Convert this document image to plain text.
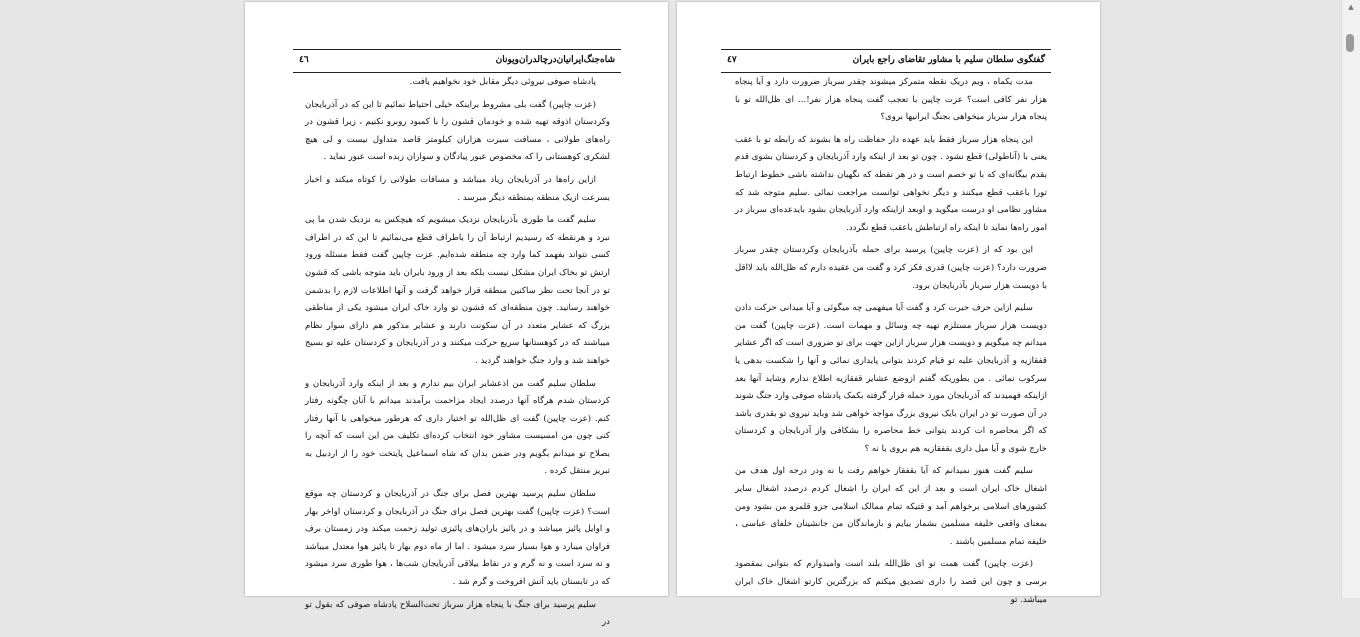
شاه‌جنگ‌ایرانیان‌درچالدران‌ویونان
٤٦

پادشاه صوفی نیروئی دیگر مقابل خود نخواهیم یافت.

(عزت چاپین) گفت بلی مشروط براینکه خیلی احتیاط نمائیم تا این که در آذربایجان وکردستان اذوقه‌ تهیه شده و خودمان قشون را با کمبود روبرو نکنیم ، زیرا قشون در راه‌های طولانی ، مسافت سیرت هزاران کیلومتر قاصد متداول نیست و لی هیچ لشکری کوهستانی را که مخصوص عبور پیادگان و سواران زبده است عبور نماید .

ازاین راه‌ها در آذربایجان زیاد میباشد و مسافات طولانی را کوتاه میکند و اخبار بسرعت ازیک منطقه بمنطقه دیگر میرسد .

سلیم گفت ما طوری بآذربایجان نزدیک میشویم که هیچکس به نزدیک شدن ما پی نبرد و هرنقطه که رسیدیم ارتباط آن را باطراف قطع می‌نمائیم تا این که در اطراف کسی نتواند بفهمد کما وارد چه منطقه شده‌ایم. عزت چاپین گفت فقط مسئله ورود ارتش تو بخاک ایران مشکل نیست بلکه بعد از ورود بایران باید متوجه باشی که قشون تو در آنجا تحت نظر ساکنین منطقه قرار خواهد گرفت و آنها اطلاعات لازم را بدشمن خواهند رسانید. چون منطقه‌ای که قشون تو وارد خاک ایران میشود یکی از مناطقی بزرگ که عشایر متعدد در آن سکونت دارند و عشایر مذکور هم دارای سوار نظام میباشند که در کوهستانها سریع حرکت میکنند و در آذربایجان و کردستان علیه تو بسیج خواهند شد و وارد جنگ خواهند گردید .

سلطان سلیم گفت من اذعشایر ایران بیم ندارم و بعد از اینکه وارد آذربایجان و کردستان شدم هرگاه آنها درصدد ایجاد مزاحمت برآمدند میدانم با آنان چگونه رفتار کنم. (عزت چاپین) گفت ای ظل‌الله تو اختیار داری که هرطور میخواهی با آنها رفتار کنی چون من امسیست مشاور خود انتخاب کرده‌ای تکلیف من این است که آنچه را بصلاح تو میدانم بگویم ودر ضمن بدان که شاه اسماعیل پایتخت خود را از اردبیل به تبریز منتقل کرده .

سلطان سلیم پرسید بهترین فصل برای جنگ در آذربایجان و کردستان چه موقع است؟ (عزت چاپین) گفت بهترین فصل برای جنگ در آذربایجان و کردستان اواخر بهار و اوایل پائیز میباشد و در پائیز باران‌های پائیزی تولید زحمت میکند ودر زمستان برف فراوان میبارد و هوا بسیار سرد میشود . اما از ماه دوم بهار تا پائیز هوا معتدل میباشد و نه سرد است و نه گرم و در نقاط ییلاقی آذربایجان شب‌ها ، هوا طوری سرد میشود که در تابستان باید آتش افروخت و گرم شد .

سلیم پرسید برای جنگ با پنجاه هزار سرباز تحت‌السلاح پادشاه صوفی که بقول تو در

گفتگوی سلطان سلیم با مشاور تقاضای راجع بایران
٤٧

مدت یکماه ، ویم دریک نقطه متمرکز میشوند چقدر سرباز ضرورت دارد و آیا پنجاه هزار نفر کافی است؟ عزت چاپین با تعجب گفت پنجاه هزار نفر!... ای ظل‌الله تو با پنجاه هزار سرباز میخواهی بجنگ ایرانیها بروی؟

این پنجاه هزار سرباز فقط باید عهده دار حفاظت راه ها بشوند که رابطه تو با عقب یعنی با (آناطولی) قطع نشود . چون تو بعد از اینکه وارد آذربایجان و کردستان بشوی قدم بقدم بیگانه‌ای که با تو خصم است و در هر نقطه که نگهبان نداشته باشی خطوط ارتباط تورا باعقب قطع میکنند و دیگر نخواهی توانست مراجعت نمائی .سلیم متوجه شد که مشاور نظامی او درست میگوید و اوبعد ازاینکه وارد آذربایجان بشود بایدعده‌ای سرباز در امور راه‌ها نماید تا اینکه راه ارتباطش باعقب قطع نگردد.

این بود که از (عزت چاپین) پرسید برای حمله بآذربایجان وکردستان چقدر سرباز ضرورت دارد؟ (عزت چاپین) قدری فکر کرد و گفت من عقیده دارم که ظل‌الله باید لااقل با دویست هزار سرباز بآذربایجان برود.

سلیم ازاین حرف حیرت کرد و گفت آیا میفهمی چه میگوئی و آیا میدانی حرکت دادن دویست هزار سرباز مستلزم تهیه چه وسائل و مهمات است. (عزت چاپین) گفت من میدانم چه میگویم و دویست هزار سرباز ازاین جهت برای تو ضروری است که اگر عشایر قفقازیه و آذربایجان علیه تو قیام کردند بتوانی پایداری نمائی و آنها را شکست بدهی یا سرکوب نمائی . من بطوریکه گفتم ازوضع عشایر قفقازیه اطلاع ندارم وشاید آنها بعد ازاینکه فهمیدند که آذربایجان مورد حمله قرار گرفته بکمک پادشاه صوفی وارد جنگ شوند در آن صورت تو در ایران بایک نیروی بزرگ مواجه خواهی شد وباید نیروی تو بقدری باشد که اگر محاصره ات کردند بتوانی خط محاصره را بشکافی واز آذربایجان و کردستان خارج شوی و آیا میل داری بقفقازیه هم بروی یا نه ؟

سلیم گفت هنوز نمیدانم که آیا بقفقاز خواهم رفت یا نه ودر درجه اول هدف من اشغال خاک ایران است و بعد از این که ایران را اشغال کردم درصدد اشغال سایر کشورهای اسلامی برخواهم آمد و قتیکه تمام ممالک اسلامی جزو قلمرو من بشود ومن بمعنای واقعی خلیفه مسلمین بشمار بیایم و بازماندگان من جانشینان خلفای عباسی ، خلیفه تمام مسلمین باشند .

(عزت چاپین) گفت همت تو ای ظل‌الله بلند است وامیدوارم که بتوانی بمقصود برسی و چون این قصد را داری تصدیق میکنم که بزرگترین کارتو اشغال خاک ایران میباشد. تو

▲
